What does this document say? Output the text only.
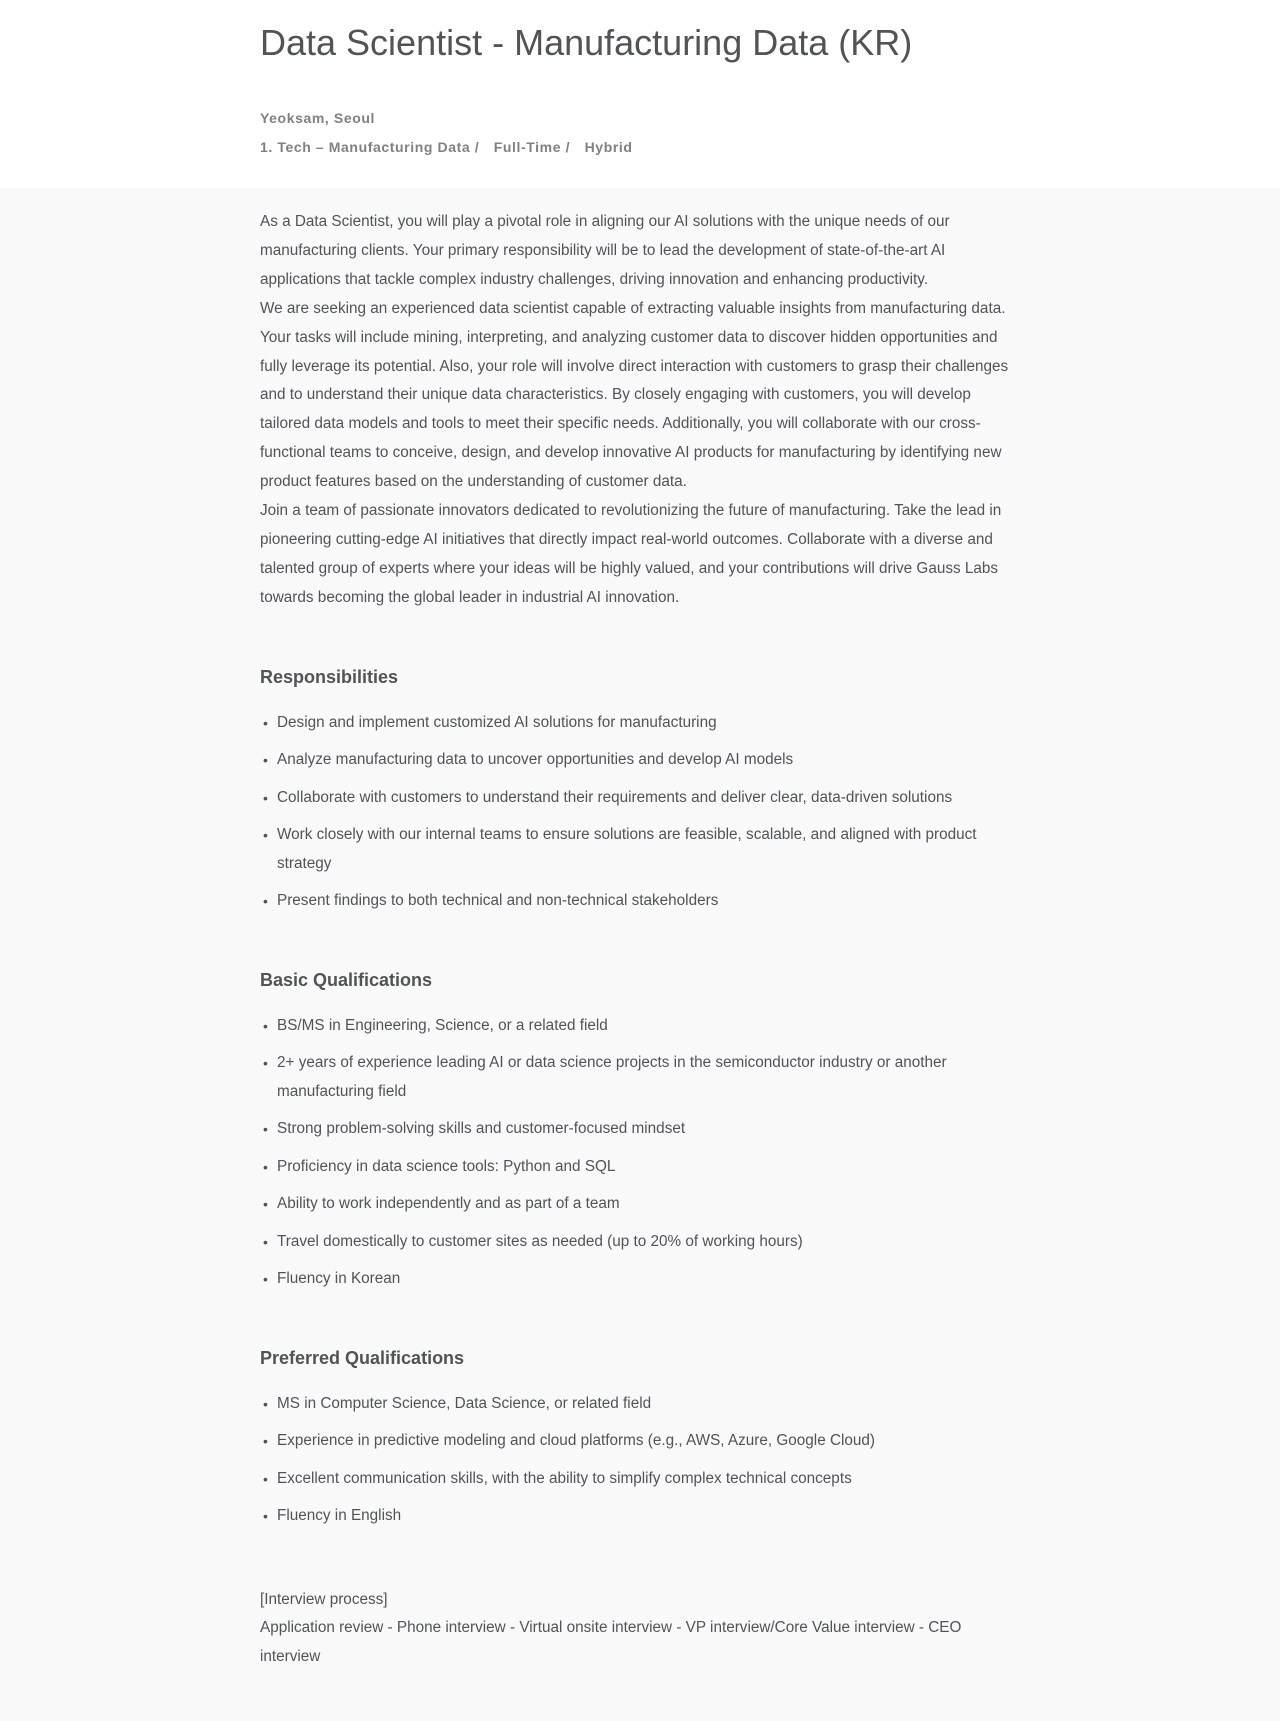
Data Scientist - Manufacturing Data (KR)
Yeoksam, Seoul
1. Tech – Manufacturing Data / Full-Time / Hybrid

As a Data Scientist, you will play a pivotal role in aligning our AI solutions with the unique needs of our manufacturing clients. Your primary responsibility will be to lead the development of state-of-the-art AI applications that tackle complex industry challenges, driving innovation and enhancing productivity.

We are seeking an experienced data scientist capable of extracting valuable insights from manufacturing data. Your tasks will include mining, interpreting, and analyzing customer data to discover hidden opportunities and fully leverage its potential. Also, your role will involve direct interaction with customers to grasp their challenges and to understand their unique data characteristics. By closely engaging with customers, you will develop tailored data models and tools to meet their specific needs. Additionally, you will collaborate with our cross-functional teams to conceive, design, and develop innovative AI products for manufacturing by identifying new product features based on the understanding of customer data.

Join a team of passionate innovators dedicated to revolutionizing the future of manufacturing. Take the lead in pioneering cutting-edge AI initiatives that directly impact real-world outcomes. Collaborate with a diverse and talented group of experts where your ideas will be highly valued, and your contributions will drive Gauss Labs towards becoming the global leader in industrial AI innovation.

Responsibilities
• Design and implement customized AI solutions for manufacturing
• Analyze manufacturing data to uncover opportunities and develop AI models
• Collaborate with customers to understand their requirements and deliver clear, data-driven solutions
• Work closely with our internal teams to ensure solutions are feasible, scalable, and aligned with product strategy
• Present findings to both technical and non-technical stakeholders
Basic Qualifications
• BS/MS in Engineering, Science, or a related field
• 2+ years of experience leading AI or data science projects in the semiconductor industry or another manufacturing field
• Strong problem-solving skills and customer-focused mindset
• Proficiency in data science tools: Python and SQL
• Ability to work independently and as part of a team
• Travel domestically to customer sites as needed (up to 20% of working hours)
• Fluency in Korean
Preferred Qualifications
• MS in Computer Science, Data Science, or related field
• Experience in predictive modeling and cloud platforms (e.g., AWS, Azure, Google Cloud)
• Excellent communication skills, with the ability to simplify complex technical concepts
• Fluency in English

[Interview process]

Application review - Phone interview - Virtual onsite interview - VP interview/Core Value interview - CEO interview
